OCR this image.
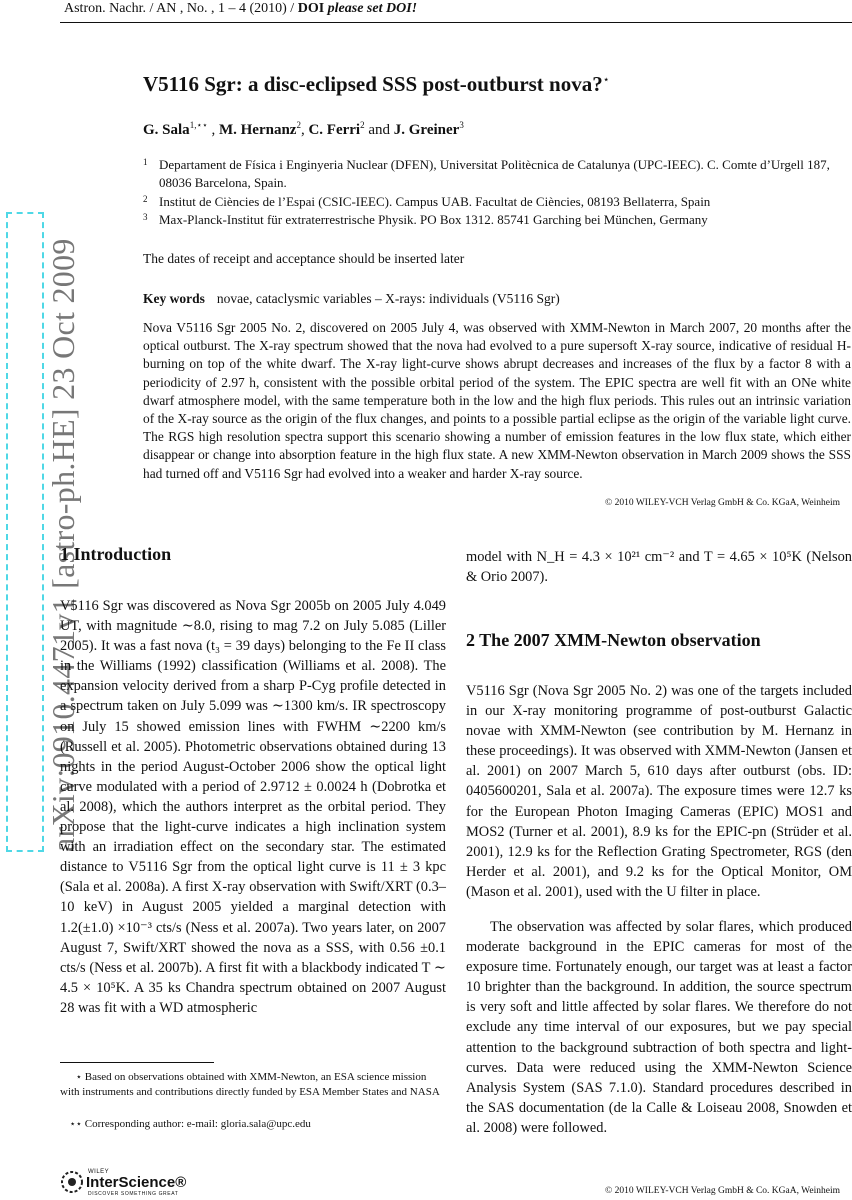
Astron. Nachr. / AN , No. , 1 – 4 (2010) / DOI please set DOI!
arXiv:0910.4471v1 [astro-ph.HE] 23 Oct 2009
V5116 Sgr: a disc-eclipsed SSS post-outburst nova?⋆
G. Sala$^{1,⋆⋆}$ , M. Hernanz$^2$, C. Ferri$^2$ and J. Greiner$^3$
1 Departament de Física i Enginyeria Nuclear (DFEN), Universitat Politècnica de Catalunya (UPC-IEEC). C. Comte d’Urgell 187, 08036 Barcelona, Spain.
2 Institut de Ciències de l’Espai (CSIC-IEEC). Campus UAB. Facultat de Ciències, 08193 Bellaterra, Spain
3 Max-Planck-Institut für extraterrestrische Physik. PO Box 1312. 85741 Garching bei München, Germany
The dates of receipt and acceptance should be inserted later
Key words novae, cataclysmic variables – X-rays: individuals (V5116 Sgr)
Nova V5116 Sgr 2005 No. 2, discovered on 2005 July 4, was observed with XMM-Newton in March 2007, 20 months after the optical outburst. The X-ray spectrum showed that the nova had evolved to a pure supersoft X-ray source, indicative of residual H-burning on top of the white dwarf. The X-ray light-curve shows abrupt decreases and increases of the flux by a factor 8 with a periodicity of 2.97 h, consistent with the possible orbital period of the system. The EPIC spectra are well fit with an ONe white dwarf atmosphere model, with the same temperature both in the low and the high flux periods. This rules out an intrinsic variation of the X-ray source as the origin of the flux changes, and points to a possible partial eclipse as the origin of the variable light curve. The RGS high resolution spectra support this scenario showing a number of emission features in the low flux state, which either disappear or change into absorption feature in the high flux state. A new XMM-Newton observation in March 2009 shows the SSS had turned off and V5116 Sgr had evolved into a weaker and harder X-ray source.
© 2010 WILEY-VCH Verlag GmbH & Co. KGaA, Weinheim
1 Introduction
V5116 Sgr was discovered as Nova Sgr 2005b on 2005 July 4.049 UT, with magnitude ∼8.0, rising to mag 7.2 on July 5.085 (Liller 2005). It was a fast nova (t₃ = 39 days) belonging to the Fe II class in the Williams (1992) classification (Williams et al. 2008). The expansion velocity derived from a sharp P-Cyg profile detected in a spectrum taken on July 5.099 was ∼1300 km/s. IR spectroscopy on July 15 showed emission lines with FWHM ∼2200 km/s (Russell et al. 2005). Photometric observations obtained during 13 nights in the period August-October 2006 show the optical light curve modulated with a period of 2.9712 ± 0.0024 h (Dobrotka et al. 2008), which the authors interpret as the orbital period. They propose that the light-curve indicates a high inclination system with an irradiation effect on the secondary star. The estimated distance to V5116 Sgr from the optical light curve is 11 ± 3 kpc (Sala et al. 2008a). A first X-ray observation with Swift/XRT (0.3–10 keV) in August 2005 yielded a marginal detection with 1.2(±1.0) ×10⁻³ cts/s (Ness et al. 2007a). Two years later, on 2007 August 7, Swift/XRT showed the nova as a SSS, with 0.56 ±0.1 cts/s (Ness et al. 2007b). A first fit with a blackbody indicated T ∼ 4.5 × 10⁵K. A 35 ks Chandra spectrum obtained on 2007 August 28 was fit with a WD atmospheric
⋆ Based on observations obtained with XMM-Newton, an ESA science mission with instruments and contributions directly funded by ESA Member States and NASA
⋆⋆ Corresponding author: e-mail: gloria.sala@upc.edu
WILEY
InterScience®
DISCOVER SOMETHING GREAT
model with N_H = 4.3 × 10²¹ cm⁻² and T = 4.65 × 10⁵K (Nelson & Orio 2007).
2 The 2007 XMM-Newton observation
V5116 Sgr (Nova Sgr 2005 No. 2) was one of the targets included in our X-ray monitoring programme of post-outburst Galactic novae with XMM-Newton (see contribution by M. Hernanz in these proceedings). It was observed with XMM-Newton (Jansen et al. 2001) on 2007 March 5, 610 days after outburst (obs. ID: 0405600201, Sala et al. 2007a). The exposure times were 12.7 ks for the European Photon Imaging Cameras (EPIC) MOS1 and MOS2 (Turner et al. 2001), 8.9 ks for the EPIC-pn (Strüder et al. 2001), 12.9 ks for the Reflection Grating Spectrometer, RGS (den Herder et al. 2001), and 9.2 ks for the Optical Monitor, OM (Mason et al. 2001), used with the U filter in place.
The observation was affected by solar flares, which produced moderate background in the EPIC cameras for most of the exposure time. Fortunately enough, our target was at least a factor 10 brighter than the background. In addition, the source spectrum is very soft and little affected by solar flares. We therefore do not exclude any time interval of our exposures, but we pay special attention to the background subtraction of both spectra and light-curves. Data were reduced using the XMM-Newton Science Analysis System (SAS 7.1.0). Standard procedures described in the SAS documentation (de la Calle & Loiseau 2008, Snowden et al. 2008) were followed.
© 2010 WILEY-VCH Verlag GmbH & Co. KGaA, Weinheim
